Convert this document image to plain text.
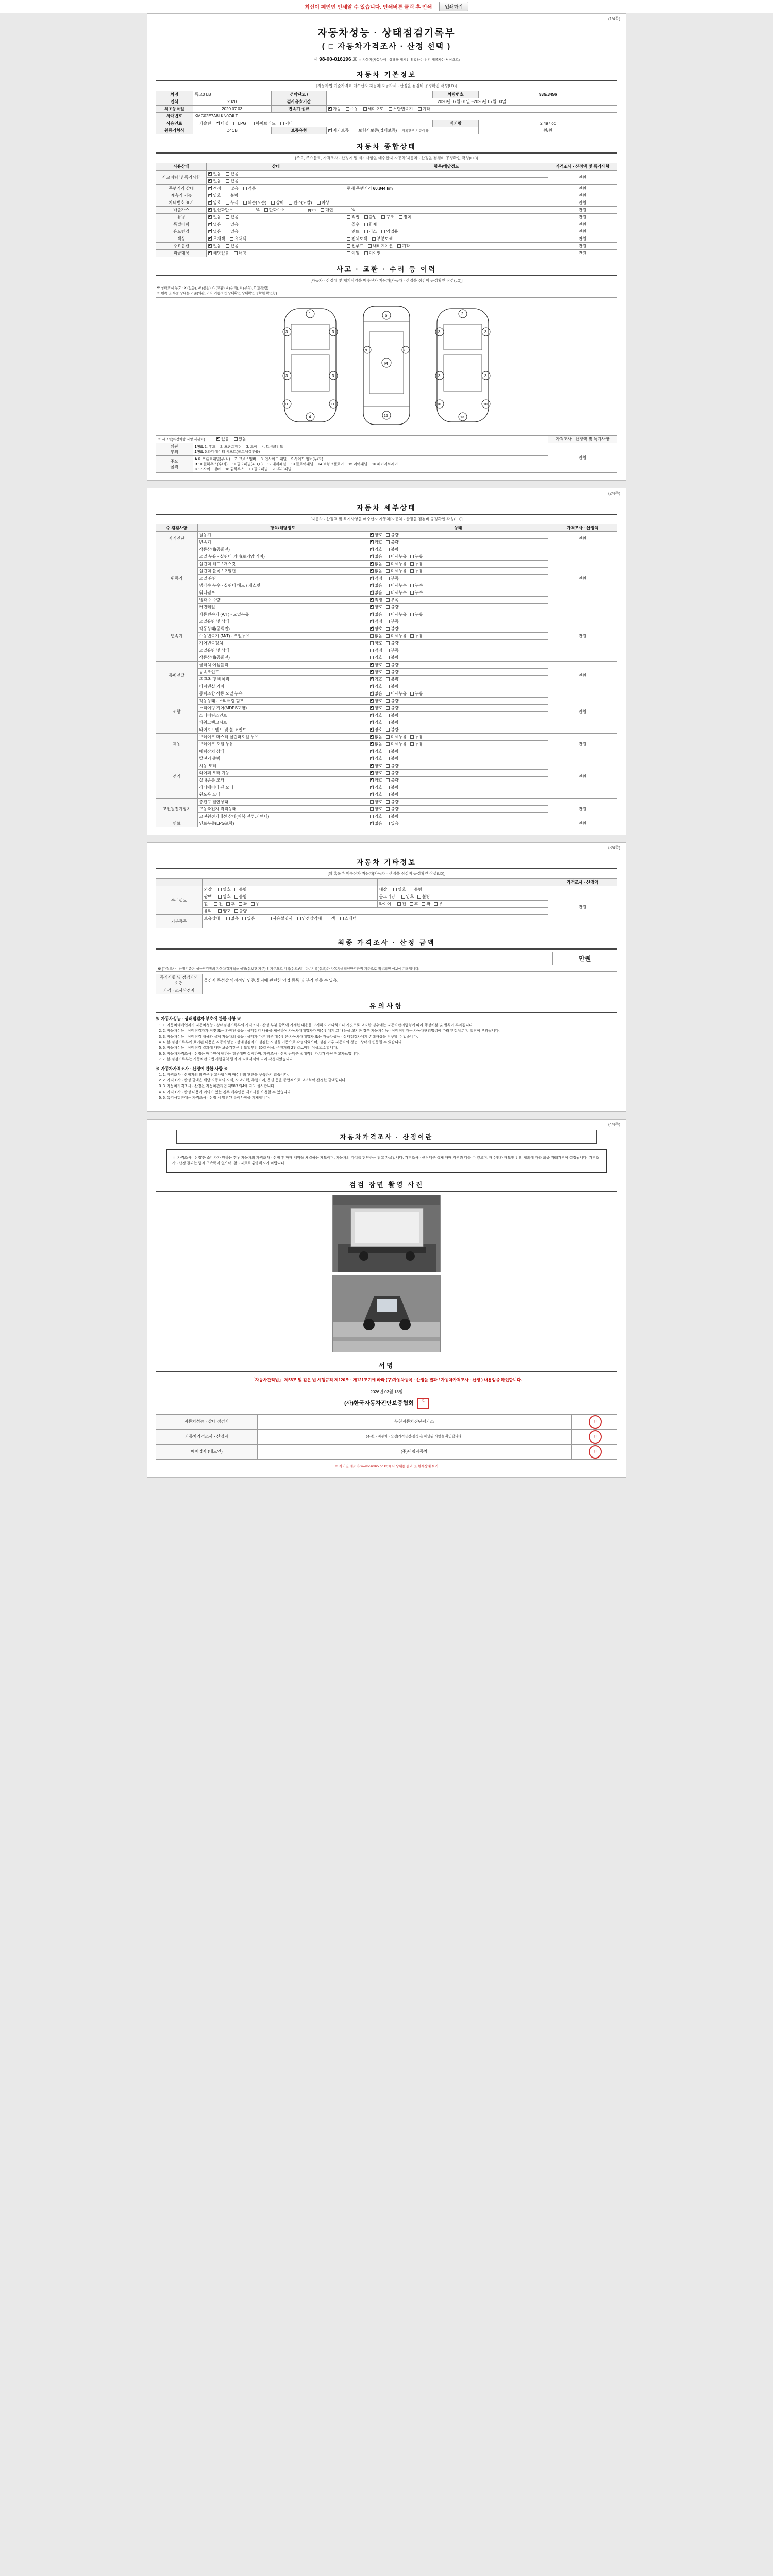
최신이 페인먼 인쇄알 수 있습니다. 인쇄버튼 클릭 후 인쇄	인쇄하기
(1/4쪽)
자동차성능 · 상태점검기록부
( □ 자동차가격조사 · 산정 선택 )
제 98-00-016196 호 ※ 자동차[자동차세 · 상태를 제시인에 활하는 점검 제공자는 서식으로)
자동차 기본정보
[자동차법 기준가격표 매수산자 자동차[자동차세 · 산정을 점검비 공정확인 작성(LD)]
차명	특고0 LB	선탁단코 /		차량번호	93또3456
연식	2020	검사유효기간	2020년 07월 01일 ~2026년 07월 00일		
최초등록일	2020.07.03	변속기 종류	✔자동 수동 세미오토 무단변속기 기타
차대번호	KMC02E7A8LKN074LT				
사용연료	가솔린 ✔ 디젤 LPG 하이브리드 기타			배기량	2,497 cc
원동기형식	D4CB	보증유형	✔자가보증 보험사보증(업체보증) 기록간부 기준이하		원/원
자동차 종합상태
[주요, 주요물로, 가격조사 · 산정에 및 제기사양을 매수산자 자동차[자동차 · 산정을 점검비 공정확인 작성(LD)]
사용상태	상태	항목/해당정도	가격조사 · 산정액 및 특기사항
사고이력 및 특기사항	✔없음 있음		만원
✔없음 있음	
주행거리 상태	✔적정 많음 적음	현재 주행거리 60,844 km	만원
계측기 기능	✔양호 불량		만원
차대번호 표기	✔양호 부식 훼손(오손) 상이 변조(도말) 이상		만원
배출가스	✔일산화탄소 % 탄화수소 ppm 매연 %		만원
튜닝	✔없음 있음	적법 불법 구조 장치	만원
특별이력	✔없음 있음	침수 화재	만원
용도변경	✔없음 있음	렌트 리스 영업용	만원
색상	✔무채색 유채색	전체도색 부분도색	만원
주요옵션	✔없음 있음	썬루프 내비게이션 기타	만원
리콜대상	✔해당없음 해당	이행 미이행	만원
사고 · 교환 · 수리 등 이력
[자동차 · 산정에 및 제기사양을 매수산자 자동차[자동차 · 산정을 점검비 공정확인 작성(LD)]
※ 상태표시 부호 : X (없음), W (용접), C (교환), A (수리), U (부식), T (흔들림)
※ 왼쪽 및 부품 상태는 기준(외관, 기타 기종적인 상태확인 상태확인 정확한 확인함)
3	3
3	3
1
4
11	11
M
6
15
9	9
3	3
3	3
2
13
10	10
※ 시그널(특정차량 사양 세분화) ✔ 없음 있음		가격조사 · 산정액 및 특기사항
외판
부위	
1랭크 1. 후드 2. 프론트휀더 3. 도어 4. 트렁크리드
2랭크 5.라디에이터 서포트(볼트체결부품)
	만원
주요
골격	
A 6. 프론트패널(우/좌) 7. 크로스멤버 8. 인사이드 패널 9.사이드 멤버(우/좌)
B 10.휠하우스(우/좌) 11.필라패널(A,B,C) 12.대쉬패널 13.플로어패널 14.트렁크플로어 15.리어패널 16.패키지트레이
C 17.사이드멤버 18.휠하우스 19.필라패널 20.루프패널
(2/4쪽)
자동차 세부상태
[자동차 · 산정액 및 특기사양을 매수산자 자동차[자동차 · 산정을 점검비 공정확인 작성(LD)]
수 검검사항	항목/해당정도	상태	가격조사 · 산정액
자기진단	원동기	✔양호 불량	만원
	변속기	✔양호 불량
원동기	작동상태(공회전)	✔양호 불량	만원
	오일 누유 - 실린더 커버(로커암 커버)	✔없음 미세누유 누유
	실린더 헤드 / 개스킷	✔없음 미세누유 누유
	실린더 블록 / 오일팬	✔없음 미세누유 누유
	오일 유량	✔적정 부족
	냉각수 누수 - 실린더 헤드 / 개스킷	✔없음 미세누수 누수
	워터펌프	✔없음 미세누수 누수
	냉각수 수량	✔적정 부족
	커먼레일	✔양호 불량
변속기	자동변속기 (A/T) - 오일누유	✔없음 미세누유 누유	만원
	오일유량 및 상태	✔적정 부족
	작동상태(공회전)	✔양호 불량
	수동변속기 (M/T) - 오일누유	없음 미세누유 누유	
	기어변속장치	양호 불량	
	오일유량 및 상태	적정 부족	
	작동상태(공회전)	양호 불량	
동력전달	클러치 어셈블리	✔양호 불량	만원
	등속조인트	✔양호 불량
	추진축 및 베어링	✔양호 불량
	디퍼렌셜 기어	✔양호 불량
조향	동력조향 작동 오일 누유	✔없음 미세누유 누유	만원
	작동상태 - 스티어링 펌프	✔양호 불량
	스티어링 기어(MDPS포함)	✔양호 불량
	스티어링조인트	✔양호 불량
	파워크랭크시트	✔양호 불량
	타이로드엔드 및 볼 조인트	✔양호 불량
제동	브레이크 마스터 실린더오일 누유	✔없음 미세누유 누유	만원
	브레이크 오일 누유	✔없음 미세누유 누유
	배력장치 상태	✔양호 불량
전기	발전기 출력	✔양호 불량	만원
	시동 모터	✔양호 불량
	와이퍼 모터 기능	✔양호 불량
	실내송풍 모터	✔양호 불량
	라디에이터 팬 모터	✔양호 불량
	윈도우 모터	✔양호 불량
고전원전기장치	충전구 절연상태	양호 불량	만원
	구동축전지 격리상태	양호 불량	
	고전원전기배선 상태(피복,전선,커넥터)	양호 불량	
연료	연료누출(LPG포함)	✔없음 있음	만원
(3/4쪽)
자동차 기타정보
[외 혹록부 매수산자 자동차[자동차 · 산정을 점검비 공정확인 작성(LD)]
			가격조사 · 산정액
수리필요	외장 양호 불량	내장 양호 불량	만원
	광택 양호 불량	룸크리닝 양호 불량	
	휠 전 후 좌 우	타이어 전 후 좌 우	
	유리 양호 불량		
기본품목	보유상태 없음 있음 사용설명서 안전삼각대 잭 스패너		

최종 가격조사 · 산정 금액
	만원
※ [가격조사 · 산정기준은 성능점검장의 자동차검가격을 상황(심보건 기준)에 기준으로 기록(심보)입니다 / 기록(심보)한 자동차별적인안검금점 기준으로 적용되면 심보에 기록입니다.
특기사항 및 점검자의 의견	물건지 특성상 약정적인 인증,물지에 관련한 영업 등록 및 부가 인증 수 있음.
가격 · 조사산정자	
유의사항
※ 자동차성능 · 상태점검자 부호에 관한 사항 ※
1. 1. 자동차매매업자가 자동차성능 · 상태점검기록부의 가격조사 · 산정 부분 항목에 기재한 내용을 고지하지 아니하거나 거짓으로 고지한 경우에는 자동차관리법령에 따라 행정처분 및 벌칙이 부과됩니다.
2. 2. 자동차성능 · 상태점검자가 거짓 또는 과장된 성능 · 상태점검 내용을 제공하여 자동차매매업자가 매수인에게 그 내용을 고지한 경우 자동차성능 · 상태점검자는 자동차관리법령에 따라 행정처분 및 벌칙이 부과됩니다.
3. 3. 자동차성능 · 상태점검 내용과 실제 자동차의 성능 · 상태가 다른 경우 매수인은 자동차매매업자 또는 자동차성능 · 상태점검자에게 손해배상을 청구할 수 있습니다.
4. 4. 본 점검기록부에 표기된 내용은 자동차성능 · 상태점검자가 점검한 시점을 기준으로 작성되었으며, 점검 이후 자동차의 성능 · 상태가 변동될 수 있습니다.
5. 5. 자동차성능 · 상태점검 결과에 대한 보증기간은 인도일부터 30일 이상, 주행거리 2천킬로미터 이상으로 합니다.
6. 6. 자동차가격조사 · 산정은 매수인이 원하는 경우에만 실시하며, 가격조사 · 산정 금액은 절대적인 가치가 아닌 참고자료입니다.
7. 7. 본 점검기록부는 자동차관리법 시행규칙 별지 제82호서식에 따라 작성되었습니다.
※ 자동차가격조사 · 산정에 관한 사항 ※
1. 1. 가격조사 · 산정자의 의견은 참고사항이며 매수인의 판단을 구속하지 않습니다.
2. 2. 가격조사 · 산정 금액은 해당 자동차의 시세, 사고이력, 주행거리, 옵션 등을 종합적으로 고려하여 산정한 금액입니다.
3. 3. 자동차가격조사 · 산정은 자동차관리법 제58조의4에 따라 실시합니다.
4. 4. 가격조사 · 산정 내용에 이의가 있는 경우 매수인은 재조사를 요청할 수 있습니다.
5. 5. 특기사항란에는 가격조사 · 산정 시 발견된 특이사항을 기재합니다.
(4/4쪽)
자동차가격조사 · 산정이란
※ '가격조사 · 산정'은 소비자가 원하는 경우 자동차의 가격조사 · 산정 후 매매 계약을 체결하는 제도이며, 자동차의 가치를 판단하는 참고 자료입니다. 가격조사 · 산정액은 실제 매매 가격과 다를 수 있으며, 매수인과 매도인 간의 협의에 따라 최종 거래가격이 결정됩니다. 가격조사 · 산정 결과는 법적 구속력이 없으며, 참고자료로 활용하시기 바랍니다.
검검 장면 촬영 사진
서명
「자동차관리법」 제58조 및 같은 법 시행규칙 제120조 · 제121조기에 따라 (구)자동차등록 · 산정을 결과 / 자동차가격조사 · 산정 ) 내용임을 확인합니다.
2026년 03월 13일
(사)한국자동차진단보증협회	인
자동차성능 · 상태 점검자	부천자동차진단평가소	인
자동차가격조사 · 산정자	(주)한국자동차 · 산정(가격산정·검정)은 해당된 시행을 확인합니다.	인
매매업자 (매도인)	(주)대명자동차	인
※ 자기진 제조기(www.car365.go.kr)에서 상태를 결과 및 현재상태 보기
